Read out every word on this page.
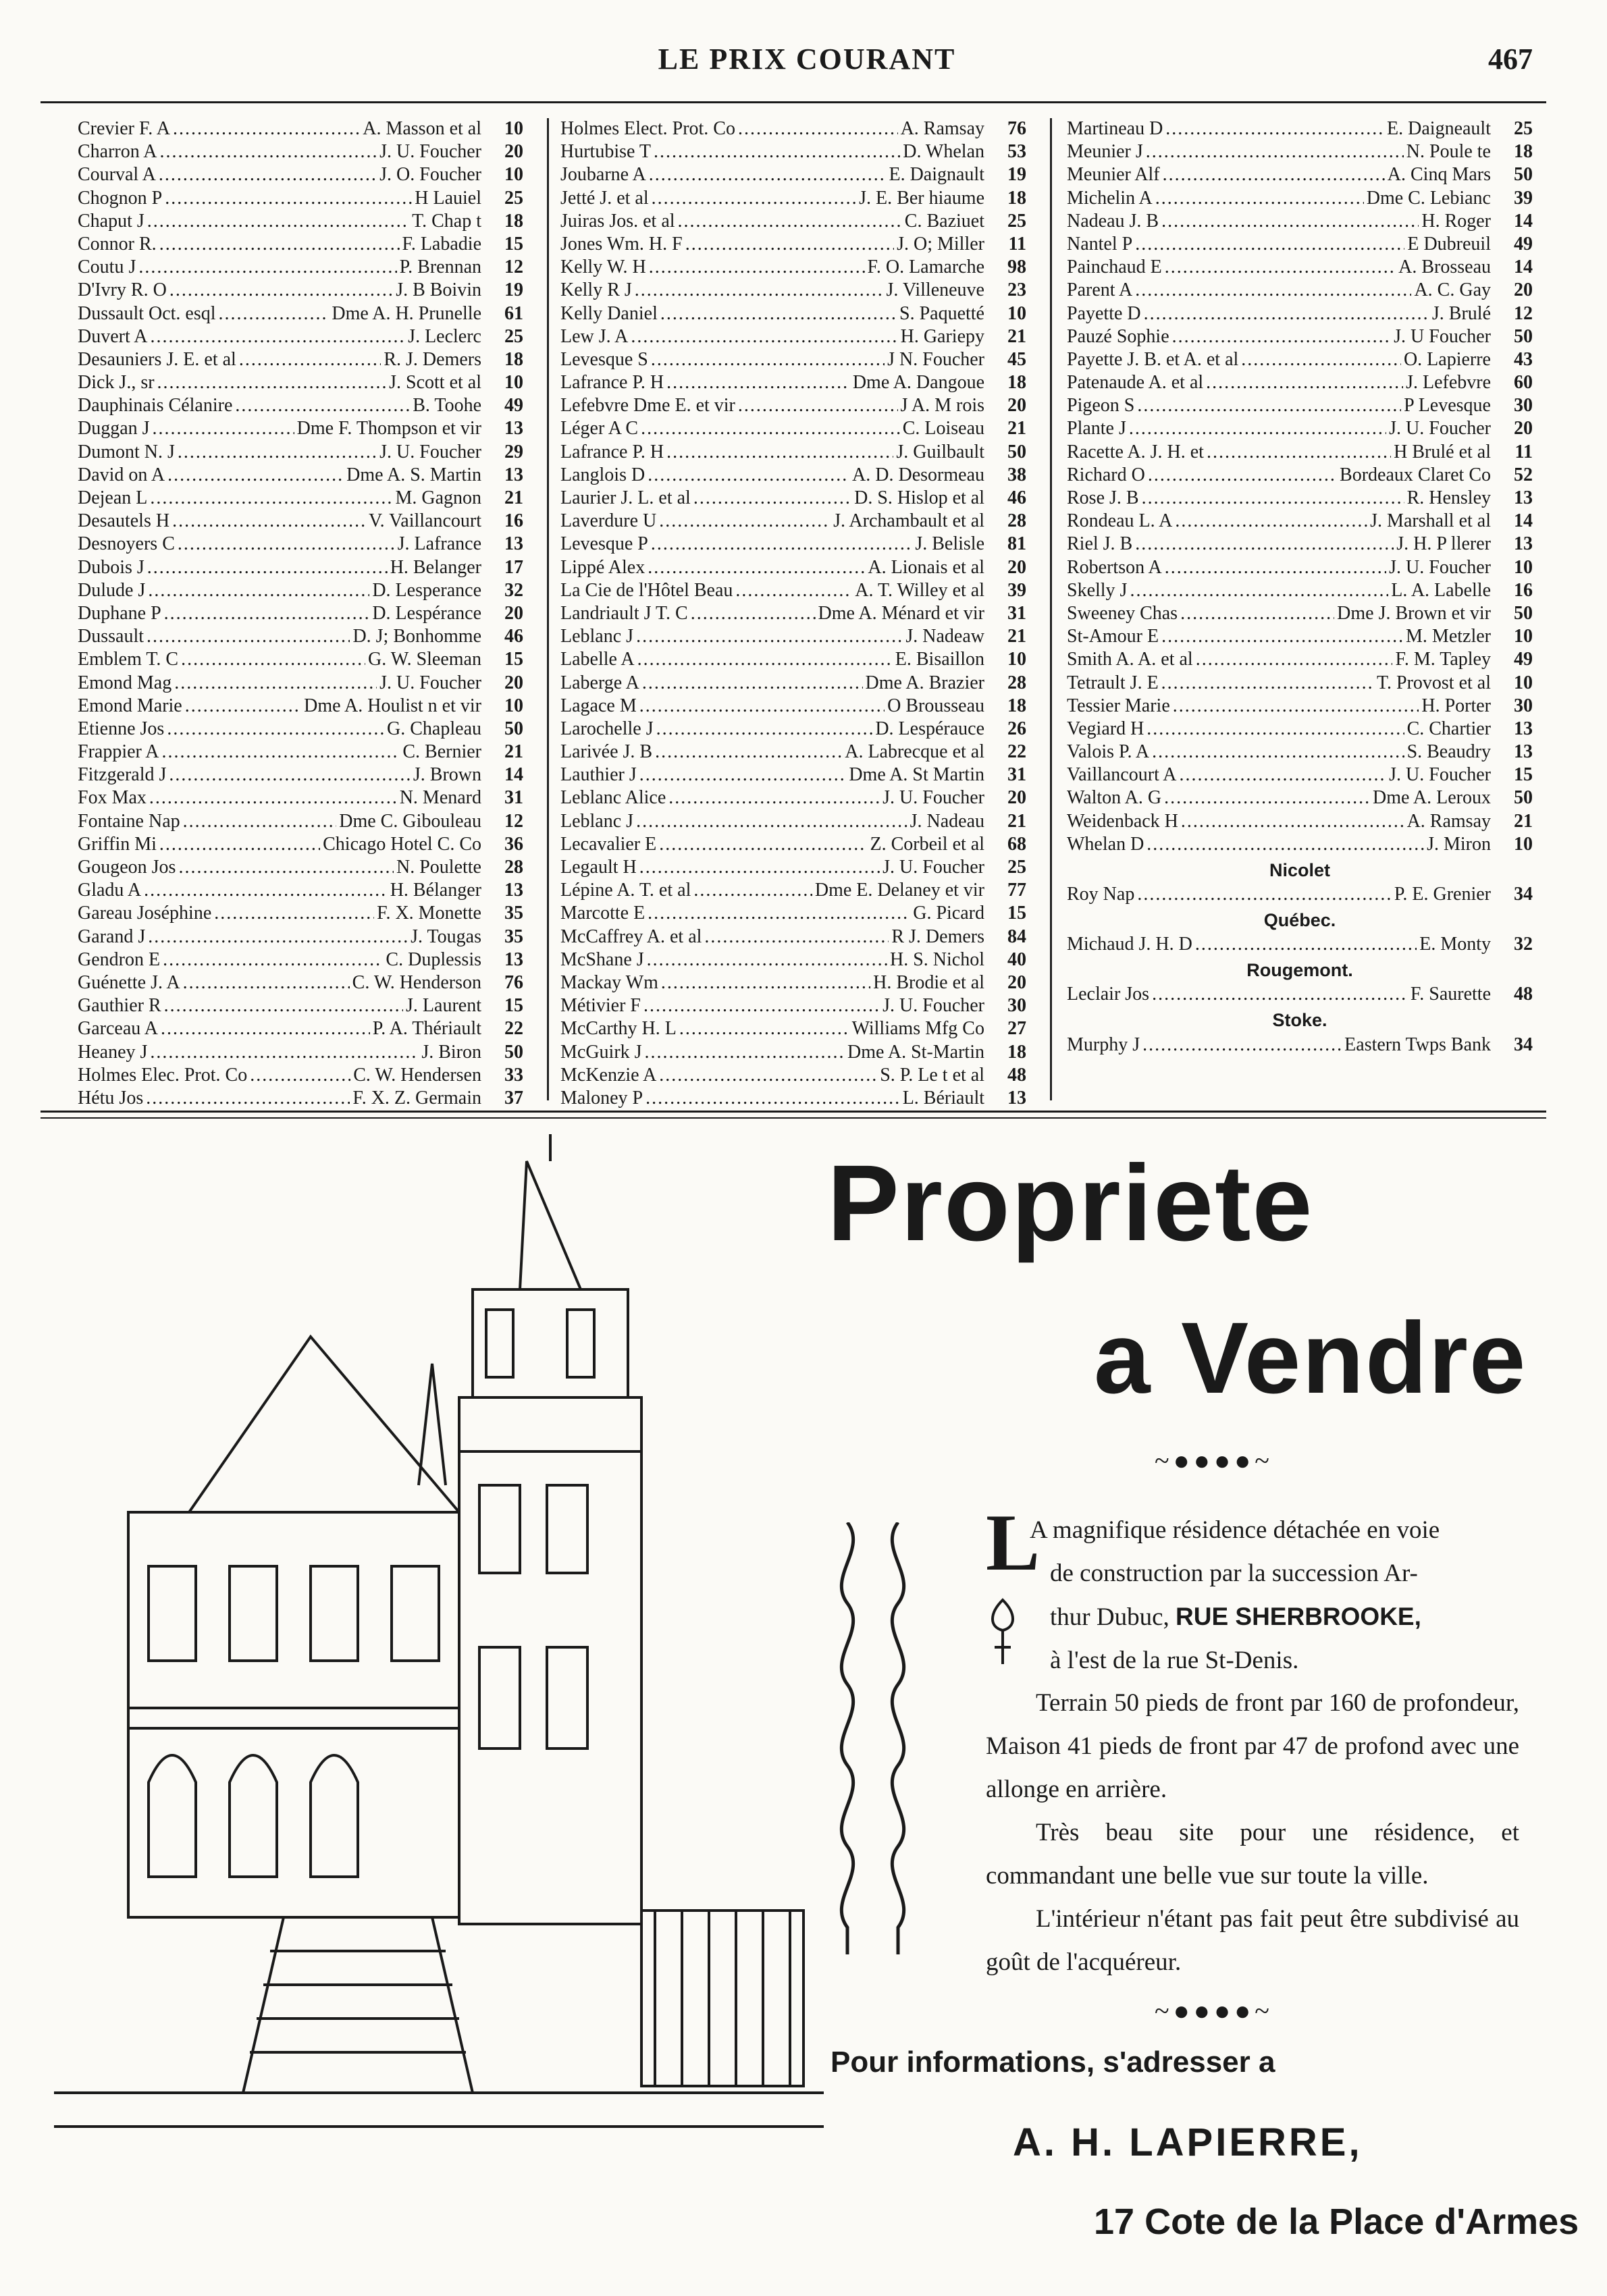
LE PRIX COURANT	467
Crevier F. A .....	A. Masson et al	10
Charron A .....	J. U. Foucher	20
Courval A .....	J. O. Foucher	10
Chognon P .....	H Lauiel	25
Chaput J .....	T. Chap t	18
Connor R. .....	F. Labadie	15
Coutu J .....	P. Brennan	12
D'Ivry R. O .....	J. B Boivin	19
Dussault Oct. esql .....	Dme A. H. Prunelle	61
Duvert A .....	J. Leclerc	25
Desauniers J. E. et al .....	R. J. Demers	18
Dick J., sr .....	J. Scott et al	10
Dauphinais Célanire .....	B. Toohe	49
Duggan J .....	Dme F. Thompson et vir	13
Dumont N. J .....	J. U. Foucher	29
David on A .....	Dme A. S. Martin	13
Dejean L .....	M. Gagnon	21
Desautels H .....	V. Vaillancourt	16
Desnoyers C .....	J. Lafrance	13
Dubois J .....	H. Belanger	17
Dulude J .....	D. Lesperance	32
Duphane P .....	D. Lespérance	20
Dussault .....	D. J; Bonhomme	46
Emblem T. C .....	G. W. Sleeman	15
Emond Mag .....	J. U. Foucher	20
Emond Marie .....	Dme A. Houlist n et vir	10
Etienne Jos .....	G. Chapleau	50
Frappier A .....	C. Bernier	21
Fitzgerald J .....	J. Brown	14
Fox Max .....	N. Menard	31
Fontaine Nap .....	Dme C. Gibouleau	12
Griffin Mi .....	Chicago Hotel C. Co	36
Gougeon Jos .....	N. Poulette	28
Gladu A .....	H. Bélanger	13
Gareau Joséphine .....	F. X. Monette	35
Garand J .....	J. Tougas	35
Gendron E .....	C. Duplessis	13
Guénette J. A .....	C. W. Henderson	76
Gauthier R .....	J. Laurent	15
Garceau A .....	P. A. Thériault	22
Heaney J .....	J. Biron	50
Holmes Elec. Prot. Co .....	C. W. Hendersen	33
Hétu Jos .....	F. X. Z. Germain	37
Holmes Elect. Prot. Co .....	A. Ramsay	76
Hurtubise T .....	D. Whelan	53
Joubarne A .....	E. Daignault	19
Jetté J. et al .....	J. E. Ber hiaume	18
Juiras Jos. et al .....	C. Baziuet	25
Jones Wm. H. F .....	J. O; Miller	11
Kelly W. H .....	F. O. Lamarche	98
Kelly R J .....	J. Villeneuve	23
Kelly Daniel .....	S. Paquetté	10
Lew J. A .....	H. Gariepy	21
Levesque S .....	J N. Foucher	45
Lafrance P. H .....	Dme A. Dangoue	18
Lefebvre Dme E. et vir .....	J A. M rois	20
Léger A C .....	C. Loiseau	21
Lafrance P. H .....	J. Guilbault	50
Langlois D .....	A. D. Desormeau	38
Laurier J. L. et al .....	D. S. Hislop et al	46
Laverdure U .....	J. Archambault et al	28
Levesque P .....	J. Belisle	81
Lippé Alex .....	A. Lionais et al	20
La Cie de l'Hôtel Beau .....	A. T. Willey et al	39
Landriault J T. C .....	Dme A. Ménard et vir	31
Leblanc J .....	J. Nadeaw	21
Labelle A .....	E. Bisaillon	10
Laberge A .....	Dme A. Brazier	28
Lagace M .....	O Brousseau	18
Larochelle J .....	D. Lespérauce	26
Larivée J. B .....	A. Labrecque et al	22
Lauthier J .....	Dme A. St Martin	31
Leblanc Alice .....	J. U. Foucher	20
Leblanc J .....	J. Nadeau	21
Lecavalier E .....	Z. Corbeil et al	68
Legault H .....	J. U. Foucher	25
Lépine A. T. et al .....	Dme E. Delaney et vir	77
Marcotte E .....	G. Picard	15
McCaffrey A. et al .....	R J. Demers	84
McShane J .....	H. S. Nichol	40
Mackay Wm .....	H. Brodie et al	20
Métivier F .....	J. U. Foucher	30
McCarthy H. L .....	Williams Mfg Co	27
McGuirk J .....	Dme A. St-Martin	18
McKenzie A .....	S. P. Le t et al	48
Maloney P .....	L. Bériault	13
Martineau D .....	E. Daigneault	25
Meunier J .....	N. Poule te	18
Meunier Alf .....	A. Cinq Mars	50
Michelin A .....	Dme C. Lebianc	39
Nadeau J. B .....	H. Roger	14
Nantel P .....	E Dubreuil	49
Painchaud E .....	A. Brosseau	14
Parent A .....	A. C. Gay	20
Payette D .....	J. Brulé	12
Pauzé Sophie .....	J. U Foucher	50
Payette J. B. et A. et al .....	O. Lapierre	43
Patenaude A. et al .....	J. Lefebvre	60
Pigeon S .....	P Levesque	30
Plante J .....	J. U. Foucher	20
Racette A. J. H. et .....	H Brulé et al	11
Richard O .....	Bordeaux Claret Co	52
Rose J. B .....	R. Hensley	13
Rondeau L. A .....	J. Marshall et al	14
Riel J. B .....	J. H. P llerer	13
Robertson A .....	J. U. Foucher	10
Skelly J .....	L. A. Labelle	16
Sweeney Chas .....	Dme J. Brown et vir	50
St-Amour E .....	M. Metzler	10
Smith A. A. et al .....	F. M. Tapley	49
Tetrault J. E .....	T. Provost et al	10
Tessier Marie .....	H. Porter	30
Vegiard H .....	C. Chartier	13
Valois P. A .....	S. Beaudry	13
Vaillancourt A .....	J. U. Foucher	15
Walton A. G .....	Dme A. Leroux	50
Weidenback H .....	A. Ramsay	21
Whelan D .....	J. Miron	10
Nicolet
Roy Nap .....	P. E. Grenier	34
Québec.
Michaud J. H. D .....	E. Monty	32
Rougemont.
Leclair Jos .....	F. Saurette	48
Stoke.
Murphy J .....	Eastern Twps Bank	34
Propriete
a Vendre
~●●●●~
L
A magnifique résidence détachée en voie
de construction par la succession Ar-
thur Dubuc, RUE SHERBROOKE,
à l'est de la rue St-Denis.
Terrain 50 pieds de front par 160 de profondeur, Maison 41 pieds de front par 47 de profond avec une allonge en arrière.
Très beau site pour une résidence, et commandant une belle vue sur toute la ville.
L'intérieur n'étant pas fait peut être subdivisé au goût de l'acquéreur.
~●●●●~
Pour informations, s'adresser a
A. H. LAPIERRE,
17 Cote de la Place d'Armes
